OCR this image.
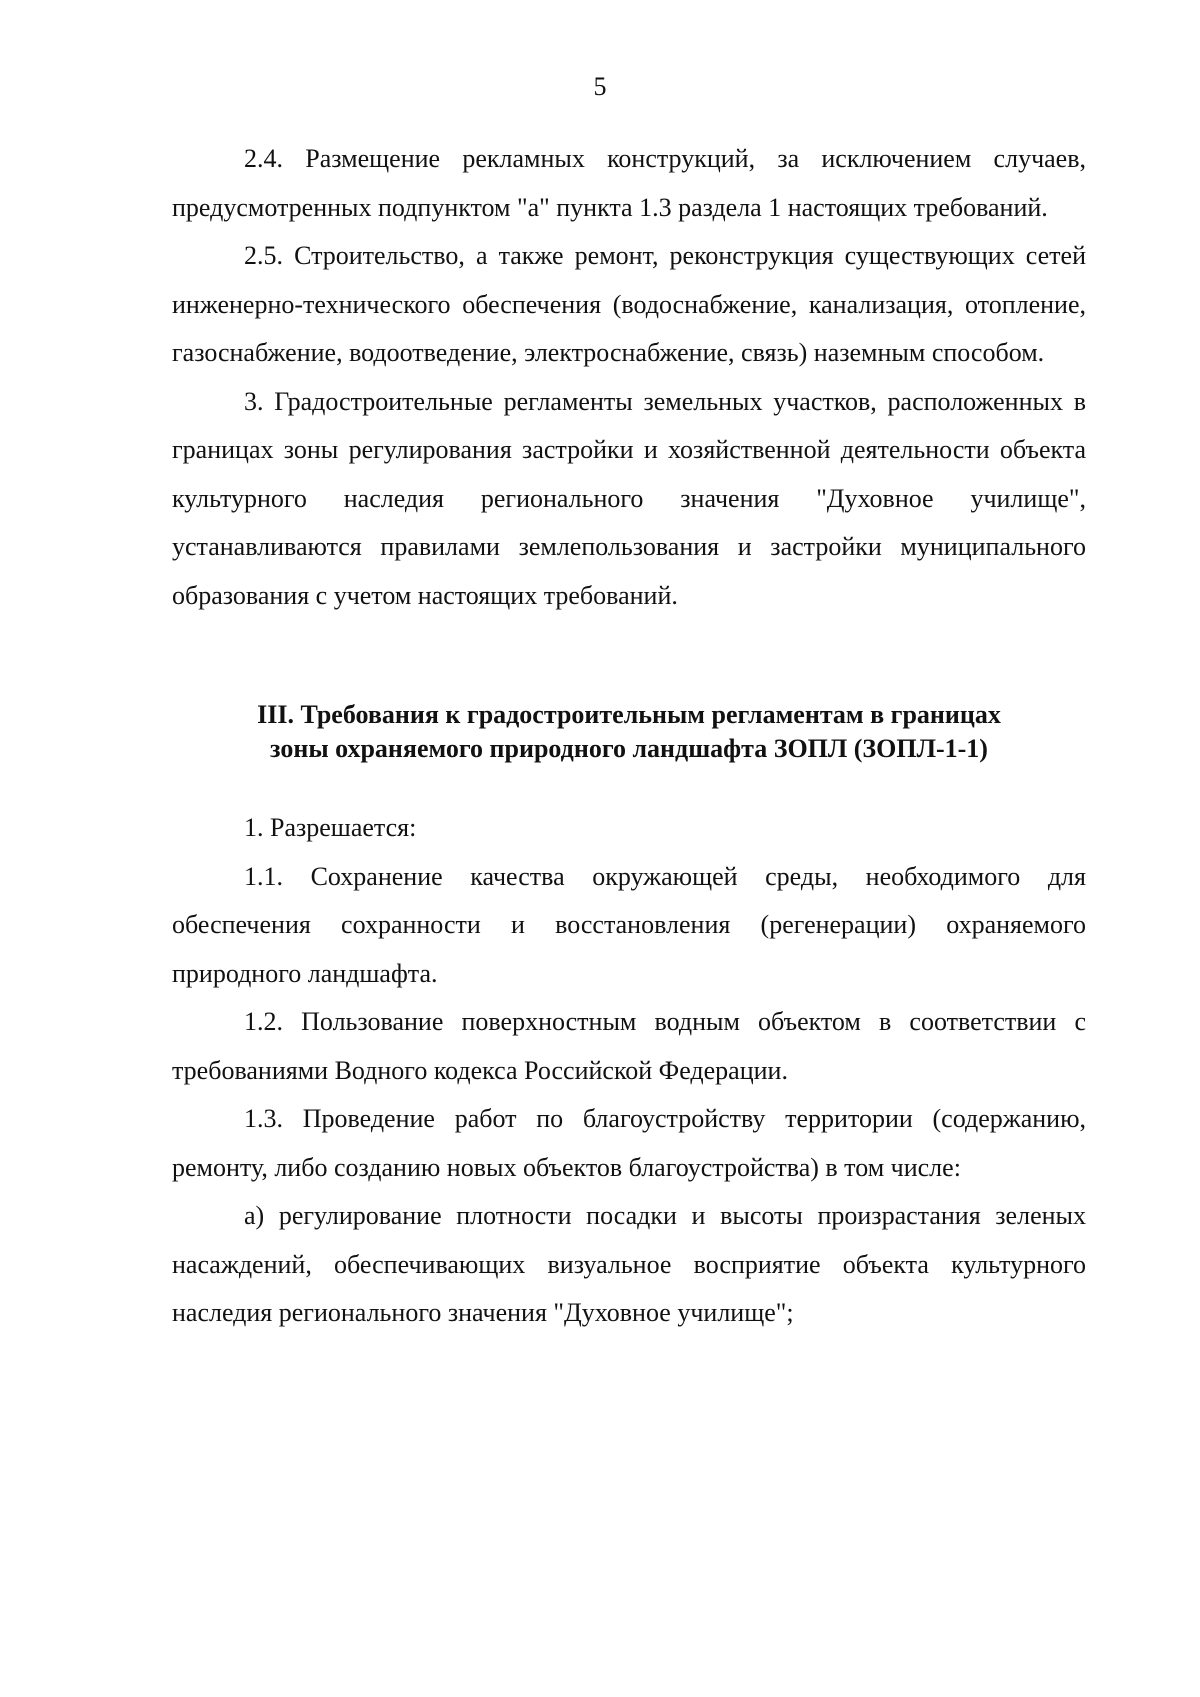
5

2.4. Размещение рекламных конструкций, за исключением случаев, предусмотренных подпунктом "а" пункта 1.3 раздела 1 настоящих требований.

2.5. Строительство, а также ремонт, реконструкция существующих сетей инженерно-технического обеспечения (водоснабжение, канализация, отопление, газоснабжение, водоотведение, электроснабжение, связь) наземным способом.

3. Градостроительные регламенты земельных участков, расположенных в границах зоны регулирования застройки и хозяйственной деятельности объекта культурного наследия регионального значения "Духовное училище", устанавливаются правилами землепользования и застройки муниципального образования с учетом настоящих требований.

III. Требования к градостроительным регламентам в границах
зоны охраняемого природного ландшафта ЗОПЛ (ЗОПЛ-1-1)

1. Разрешается:

1.1. Сохранение качества окружающей среды, необходимого для обеспечения сохранности и восстановления (регенерации) охраняемого природного ландшафта.

1.2. Пользование поверхностным водным объектом в соответствии с требованиями Водного кодекса Российской Федерации.

1.3. Проведение работ по благоустройству территории (содержанию, ремонту, либо созданию новых объектов благоустройства) в том числе:

а) регулирование плотности посадки и высоты произрастания зеленых насаждений, обеспечивающих визуальное восприятие объекта культурного наследия регионального значения "Духовное училище";
